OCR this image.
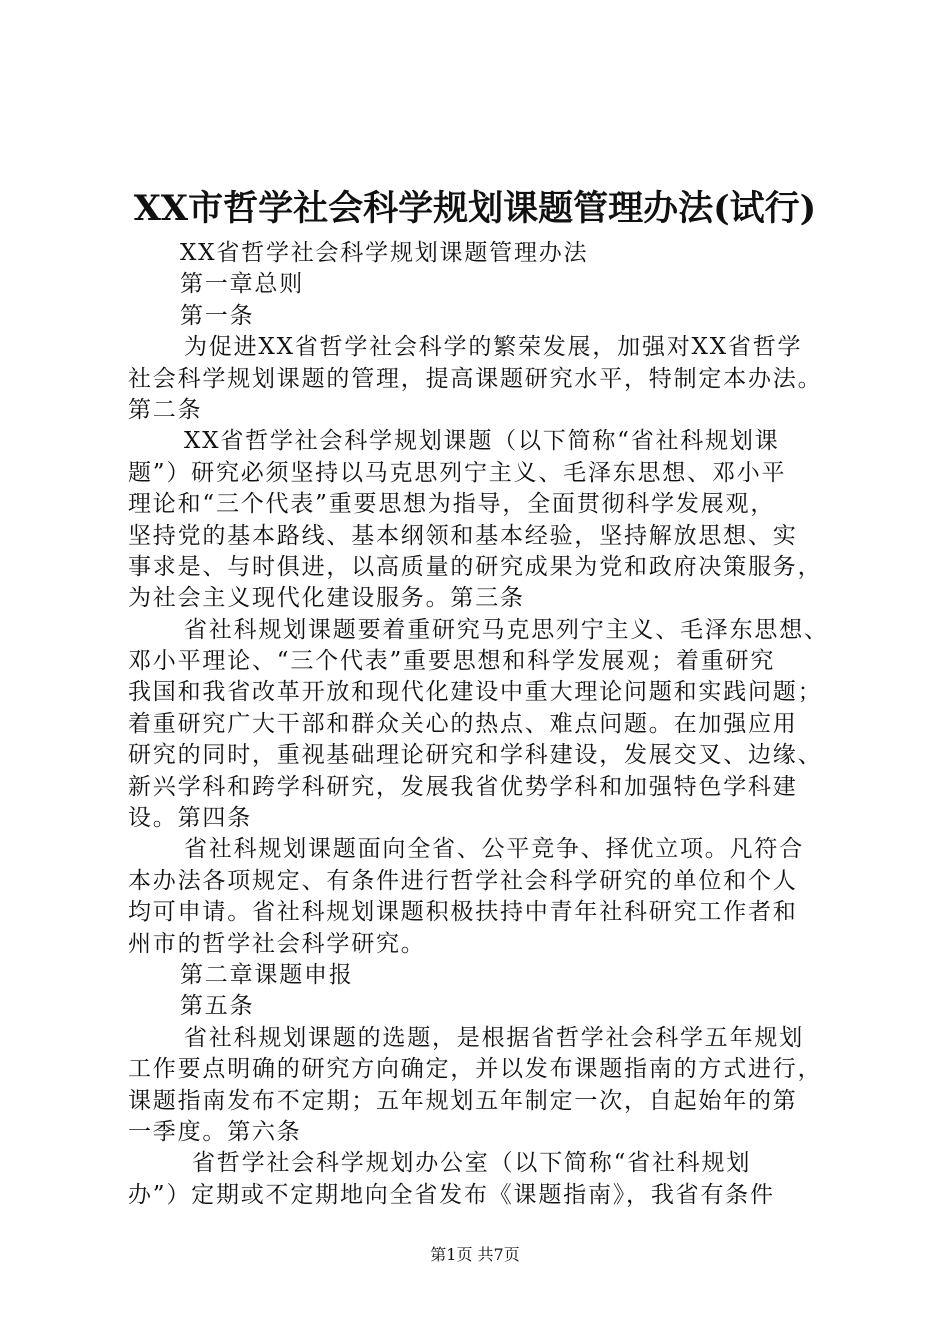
XX市哲学社会科学规划课题管理办法(试行)
XX省哲学社会科学规划课题管理办法
第一章总则
第一条
为促进XX省哲学社会科学的繁荣发展，加强对XX省哲学
社会科学规划课题的管理，提高课题研究水平，特制定本办法。
第二条
XX省哲学社会科学规划课题（以下简称“省社科规划课
题”）研究必须坚持以马克思列宁主义、毛泽东思想、邓小平
理论和“三个代表”重要思想为指导，全面贯彻科学发展观，
坚持党的基本路线、基本纲领和基本经验，坚持解放思想、实
事求是、与时俱进，以高质量的研究成果为党和政府决策服务，
为社会主义现代化建设服务。第三条
省社科规划课题要着重研究马克思列宁主义、毛泽东思想、
邓小平理论、“三个代表”重要思想和科学发展观；着重研究
我国和我省改革开放和现代化建设中重大理论问题和实践问题；
着重研究广大干部和群众关心的热点、难点问题。在加强应用
研究的同时，重视基础理论研究和学科建设，发展交叉、边缘、
新兴学科和跨学科研究，发展我省优势学科和加强特色学科建
设。第四条
省社科规划课题面向全省、公平竞争、择优立项。凡符合
本办法各项规定、有条件进行哲学社会科学研究的单位和个人
均可申请。省社科规划课题积极扶持中青年社科研究工作者和
州市的哲学社会科学研究。
第二章课题申报
第五条
省社科规划课题的选题，是根据省哲学社会科学五年规划
工作要点明确的研究方向确定，并以发布课题指南的方式进行，
课题指南发布不定期；五年规划五年制定一次，自起始年的第
一季度。第六条
省哲学社会科学规划办公室（以下简称“省社科规划
办”）定期或不定期地向全省发布《课题指南》，我省有条件
第1页 共7页
